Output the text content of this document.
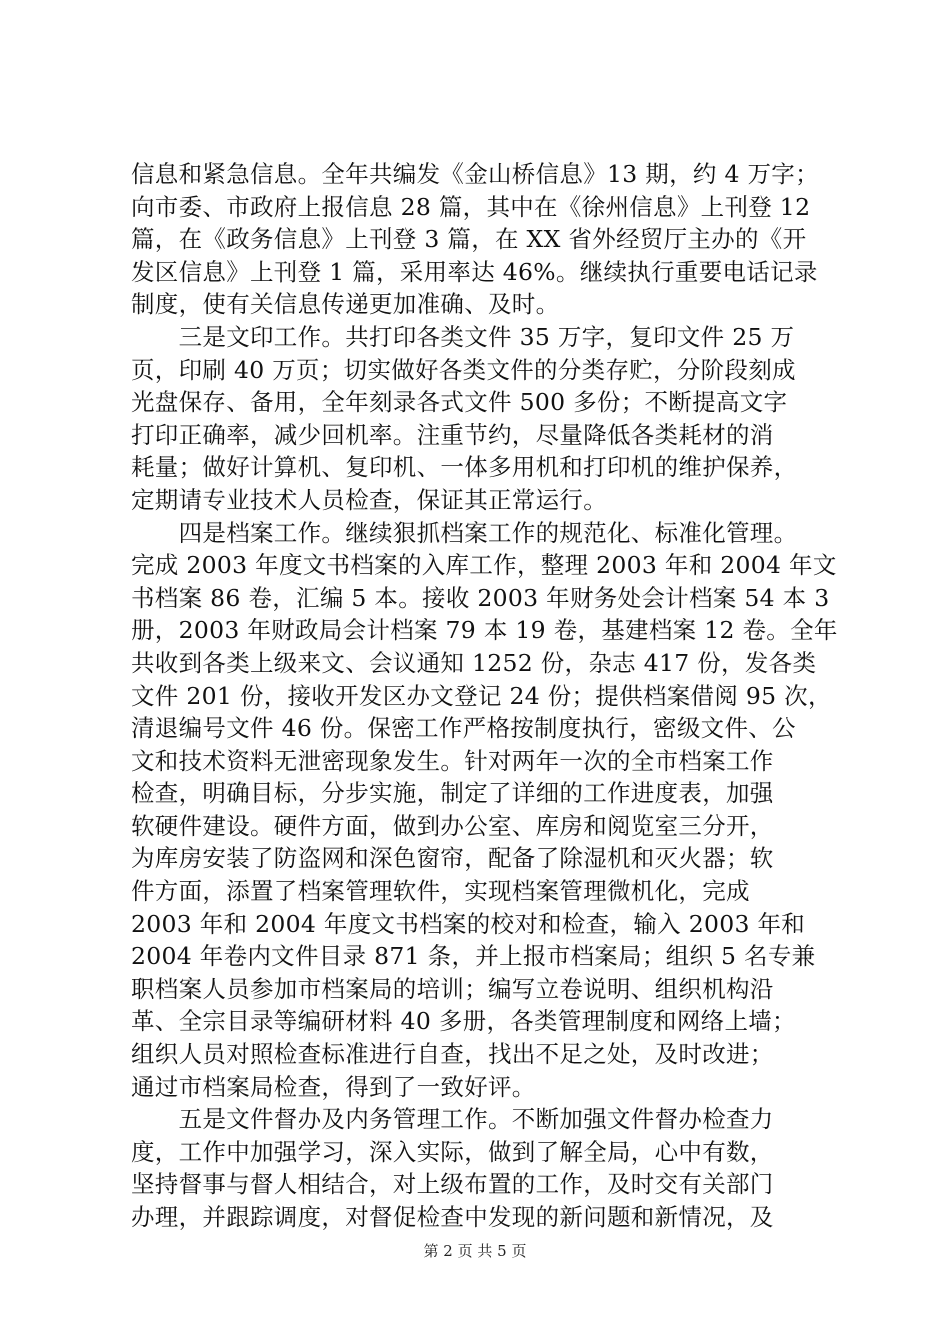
信息和紧急信息。全年共编发《金山桥信息》13 期，约 4 万字；
向市委、市政府上报信息 28 篇，其中在《徐州信息》上刊登 12
篇，在《政务信息》上刊登 3 篇，在 XX 省外经贸厅主办的《开
发区信息》上刊登 1 篇，采用率达 46%。继续执行重要电话记录
制度，使有关信息传递更加准确、及时。
　　三是文印工作。共打印各类文件 35 万字，复印文件 25 万
页，印刷 40 万页；切实做好各类文件的分类存贮，分阶段刻成
光盘保存、备用，全年刻录各式文件 500 多份；不断提高文字
打印正确率，减少回机率。注重节约，尽量降低各类耗材的消
耗量；做好计算机、复印机、一体多用机和打印机的维护保养，
定期请专业技术人员检查，保证其正常运行。
　　四是档案工作。继续狠抓档案工作的规范化、标准化管理。
完成 2003 年度文书档案的入库工作，整理 2003 年和 2004 年文
书档案 86 卷，汇编 5 本。接收 2003 年财务处会计档案 54 本 3
册，2003 年财政局会计档案 79 本 19 卷，基建档案 12 卷。全年
共收到各类上级来文、会议通知 1252 份，杂志 417 份，发各类
文件 201 份，接收开发区办文登记 24 份；提供档案借阅 95 次，
清退编号文件 46 份。保密工作严格按制度执行，密级文件、公
文和技术资料无泄密现象发生。针对两年一次的全市档案工作
检查，明确目标，分步实施，制定了详细的工作进度表，加强
软硬件建设。硬件方面，做到办公室、库房和阅览室三分开，
为库房安装了防盗网和深色窗帘，配备了除湿机和灭火器；软
件方面，添置了档案管理软件，实现档案管理微机化，完成
2003 年和 2004 年度文书档案的校对和检查，输入 2003 年和
2004 年卷内文件目录 871 条，并上报市档案局；组织 5 名专兼
职档案人员参加市档案局的培训；编写立卷说明、组织机构沿
革、全宗目录等编研材料 40 多册，各类管理制度和网络上墙；
组织人员对照检查标准进行自查，找出不足之处，及时改进；
通过市档案局检查，得到了一致好评。
　　五是文件督办及内务管理工作。不断加强文件督办检查力
度，工作中加强学习，深入实际，做到了解全局，心中有数，
坚持督事与督人相结合，对上级布置的工作，及时交有关部门
办理，并跟踪调度，对督促检查中发现的新问题和新情况，及
第 2 页 共 5 页
